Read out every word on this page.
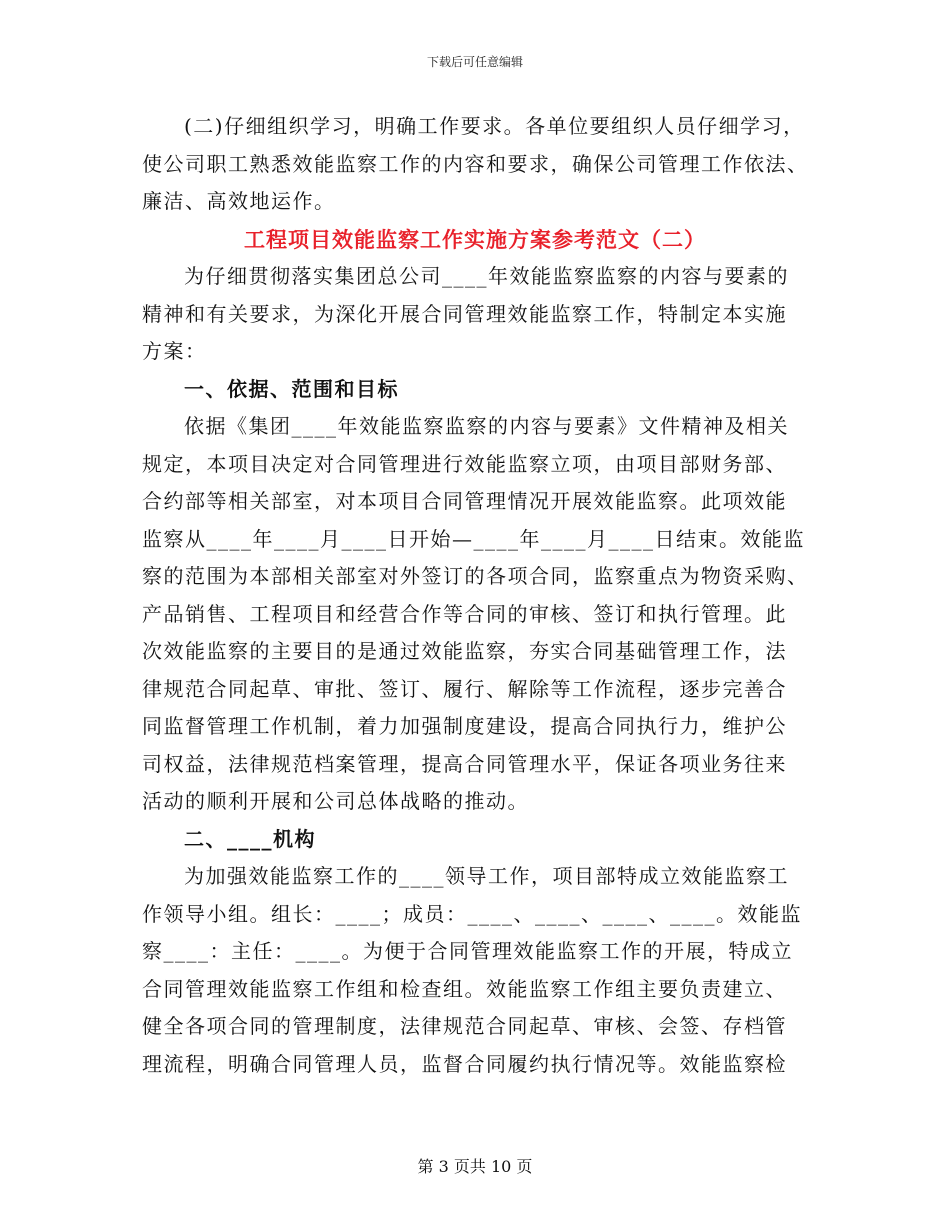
下载后可任意编辑
(二)仔细组织学习，明确工作要求。各单位要组织人员仔细学习，
使公司职工熟悉效能监察工作的内容和要求，确保公司管理工作依法、
廉洁、高效地运作。
工程项目效能监察工作实施方案参考范文（二）
为仔细贯彻落实集团总公司____年效能监察监察的内容与要素的
精神和有关要求，为深化开展合同管理效能监察工作，特制定本实施
方案：
一、依据、范围和目标
依据《集团____年效能监察监察的内容与要素》文件精神及相关
规定，本项目决定对合同管理进行效能监察立项，由项目部财务部、
合约部等相关部室，对本项目合同管理情况开展效能监察。此项效能
监察从____年____月____日开始—____年____月____日结束。效能监
察的范围为本部相关部室对外签订的各项合同，监察重点为物资采购、
产品销售、工程项目和经营合作等合同的审核、签订和执行管理。此
次效能监察的主要目的是通过效能监察，夯实合同基础管理工作，法
律规范合同起草、审批、签订、履行、解除等工作流程，逐步完善合
同监督管理工作机制，着力加强制度建设，提高合同执行力，维护公
司权益，法律规范档案管理，提高合同管理水平，保证各项业务往来
活动的顺利开展和公司总体战略的推动。
二、____机构
为加强效能监察工作的____领导工作，项目部特成立效能监察工
作领导小组。组长：____；成员：____、____、____、____。效能监
察____：主任：____。为便于合同管理效能监察工作的开展，特成立
合同管理效能监察工作组和检查组。效能监察工作组主要负责建立、
健全各项合同的管理制度，法律规范合同起草、审核、会签、存档管
理流程，明确合同管理人员，监督合同履约执行情况等。效能监察检
第 3 页共 10 页
